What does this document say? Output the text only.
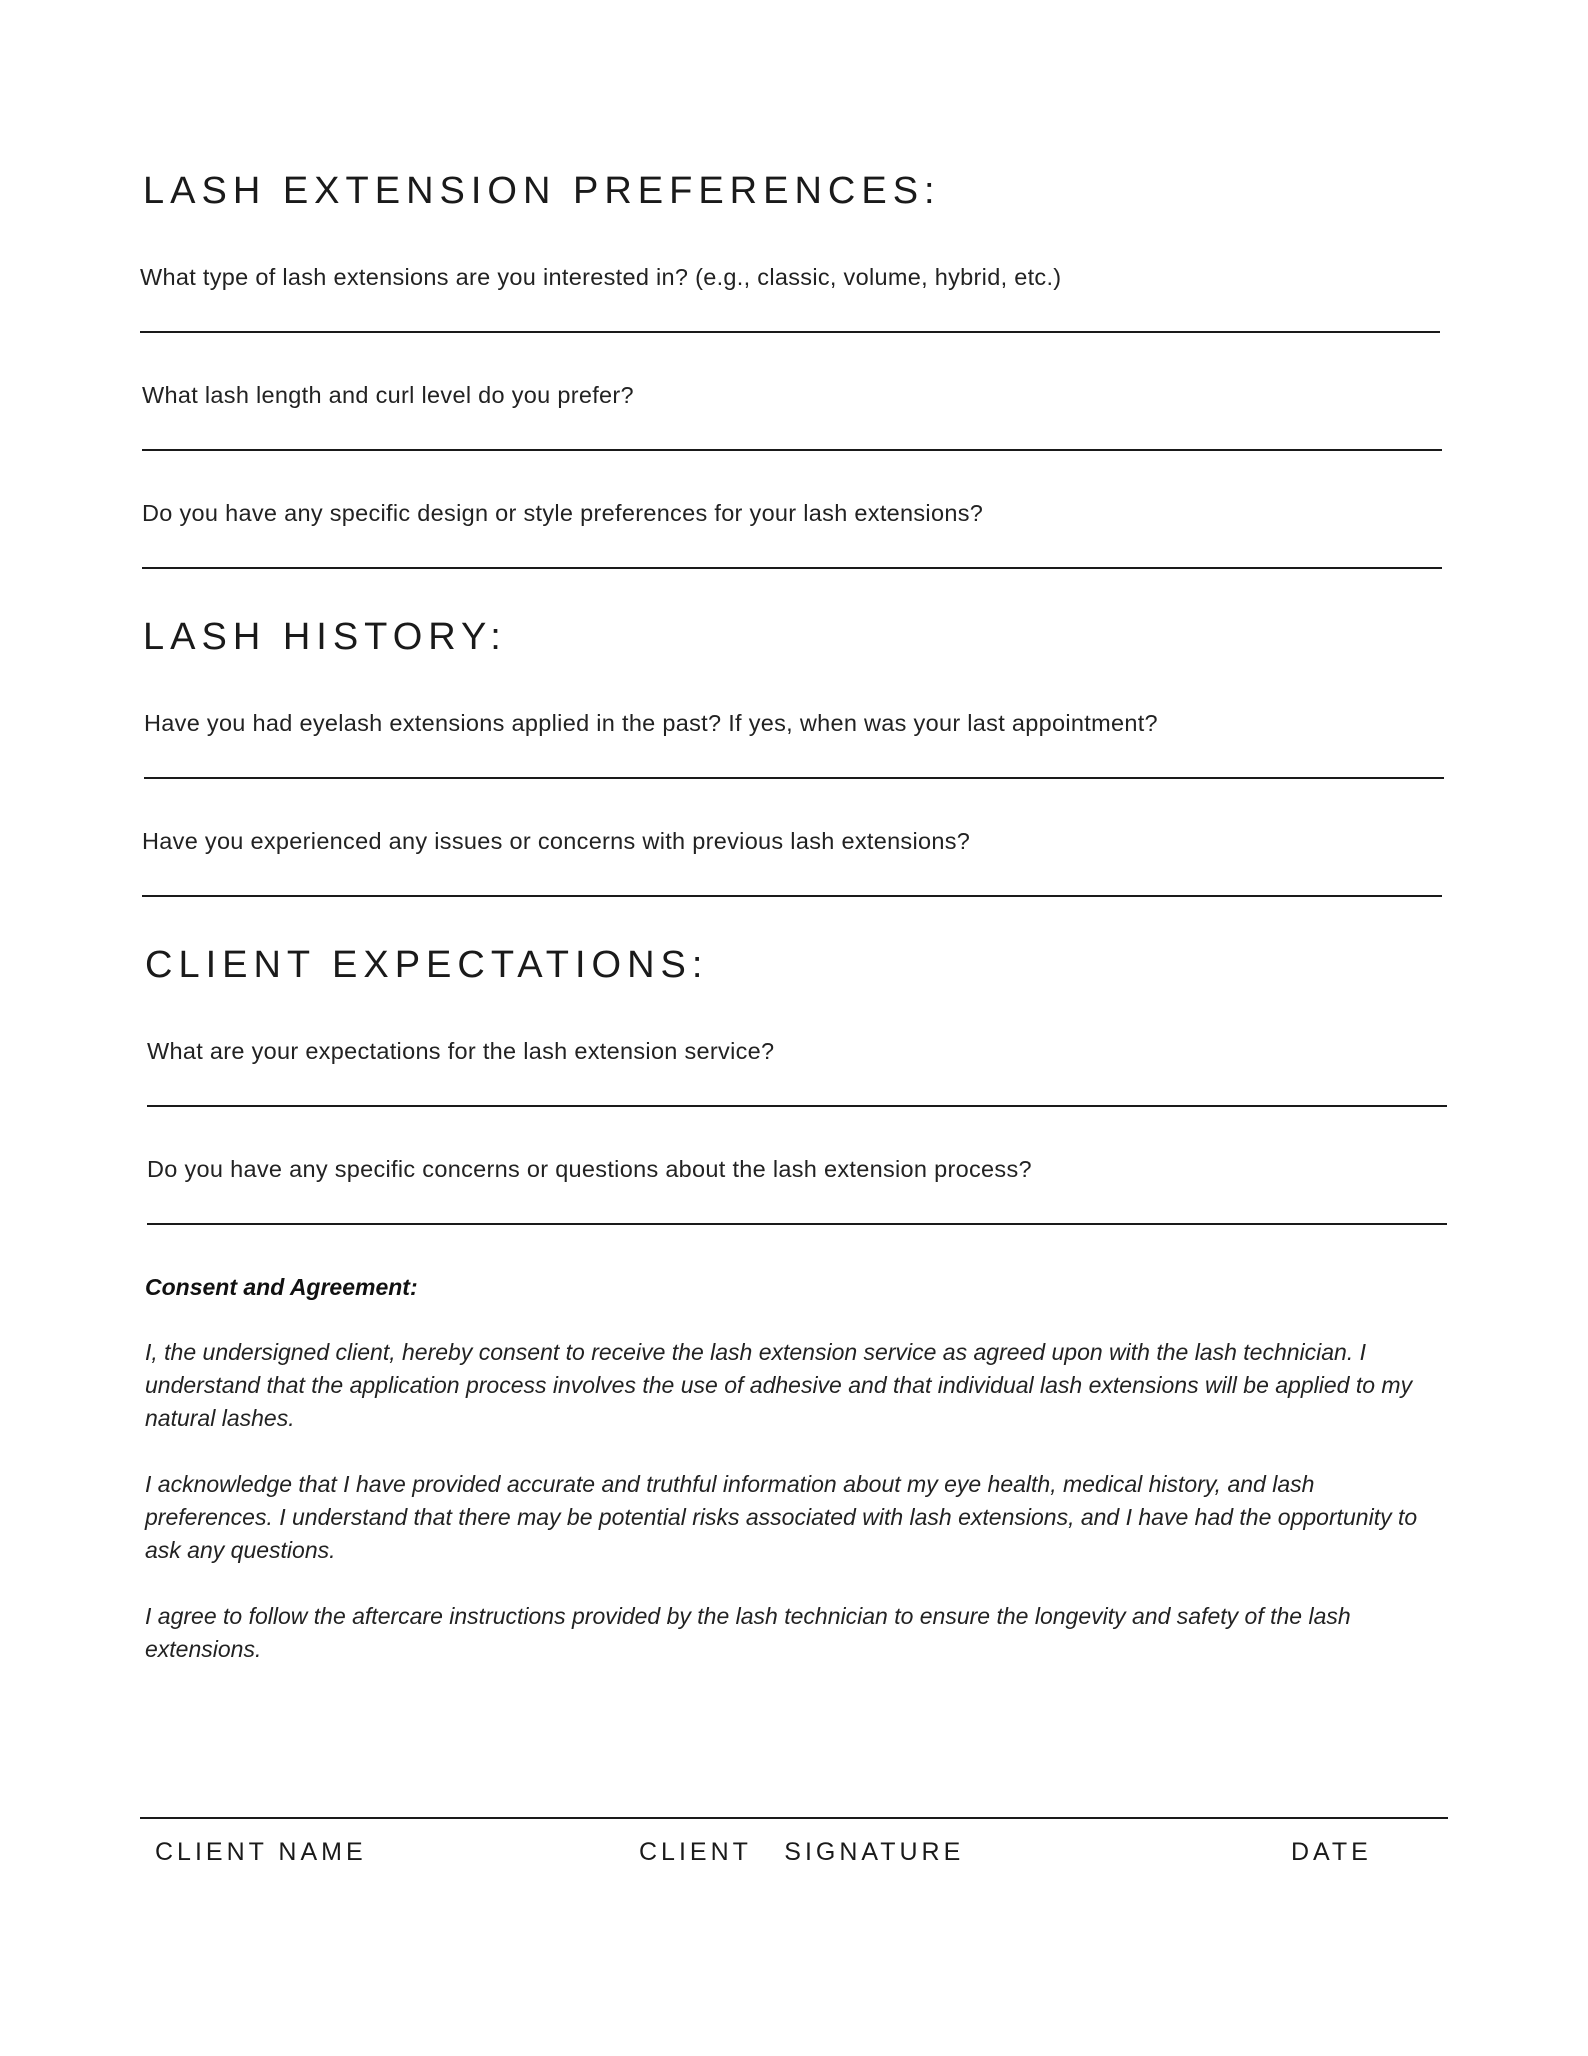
LASH EXTENSION PREFERENCES:
What type of lash extensions are you interested in? (e.g., classic, volume, hybrid, etc.)
What lash length and curl level do you prefer?
Do you have any specific design or style preferences for your lash extensions?
LASH HISTORY:
Have you had eyelash extensions applied in the past? If yes, when was your last appointment?
Have you experienced any issues or concerns with previous lash extensions?
CLIENT EXPECTATIONS:
What are your expectations for the lash extension service?
Do you have any specific concerns or questions about the lash extension process?
Consent and Agreement:

I, the undersigned client, hereby consent to receive the lash extension service as agreed upon with the lash technician. I understand that the application process involves the use of adhesive and that individual lash extensions will be applied to my natural lashes.

I acknowledge that I have provided accurate and truthful information about my eye health, medical history, and lash preferences. I understand that there may be potential risks associated with lash extensions, and I have had the opportunity to ask any questions.

I agree to follow the aftercare instructions provided by the lash technician to ensure the longevity and safety of the lash extensions.

CLIENT NAME	CLIENT   SIGNATURE	DATE
